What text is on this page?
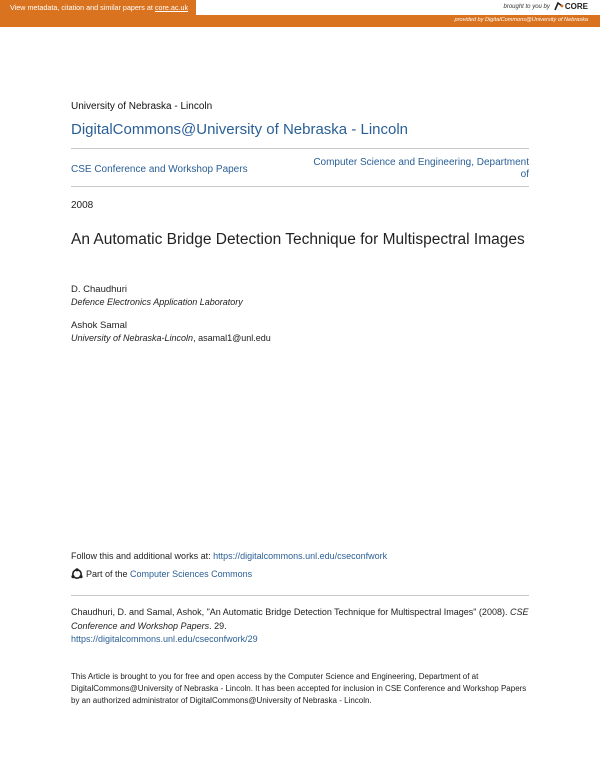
View metadata, citation and similar papers at core.ac.uk	brought to you by CORE
provided by DigitalCommons@University of Nebraska
University of Nebraska - Lincoln
DigitalCommons@University of Nebraska - Lincoln
CSE Conference and Workshop Papers
Computer Science and Engineering, Department
of
2008
An Automatic Bridge Detection Technique for Multispectral Images
D. Chaudhuri
Defence Electronics Application Laboratory
Ashok Samal
University of Nebraska-Lincoln, asamal1@unl.edu
Follow this and additional works at: https://digitalcommons.unl.edu/cseconfwork
Part of the
Computer Sciences Commons
Chaudhuri, D. and Samal, Ashok, "An Automatic Bridge Detection Technique for Multispectral Images" (2008). CSE Conference and Workshop Papers. 29.
https://digitalcommons.unl.edu/cseconfwork/29
This Article is brought to you for free and open access by the Computer Science and Engineering, Department of at DigitalCommons@University of Nebraska - Lincoln. It has been accepted for inclusion in CSE Conference and Workshop Papers by an authorized administrator of DigitalCommons@University of Nebraska - Lincoln.
